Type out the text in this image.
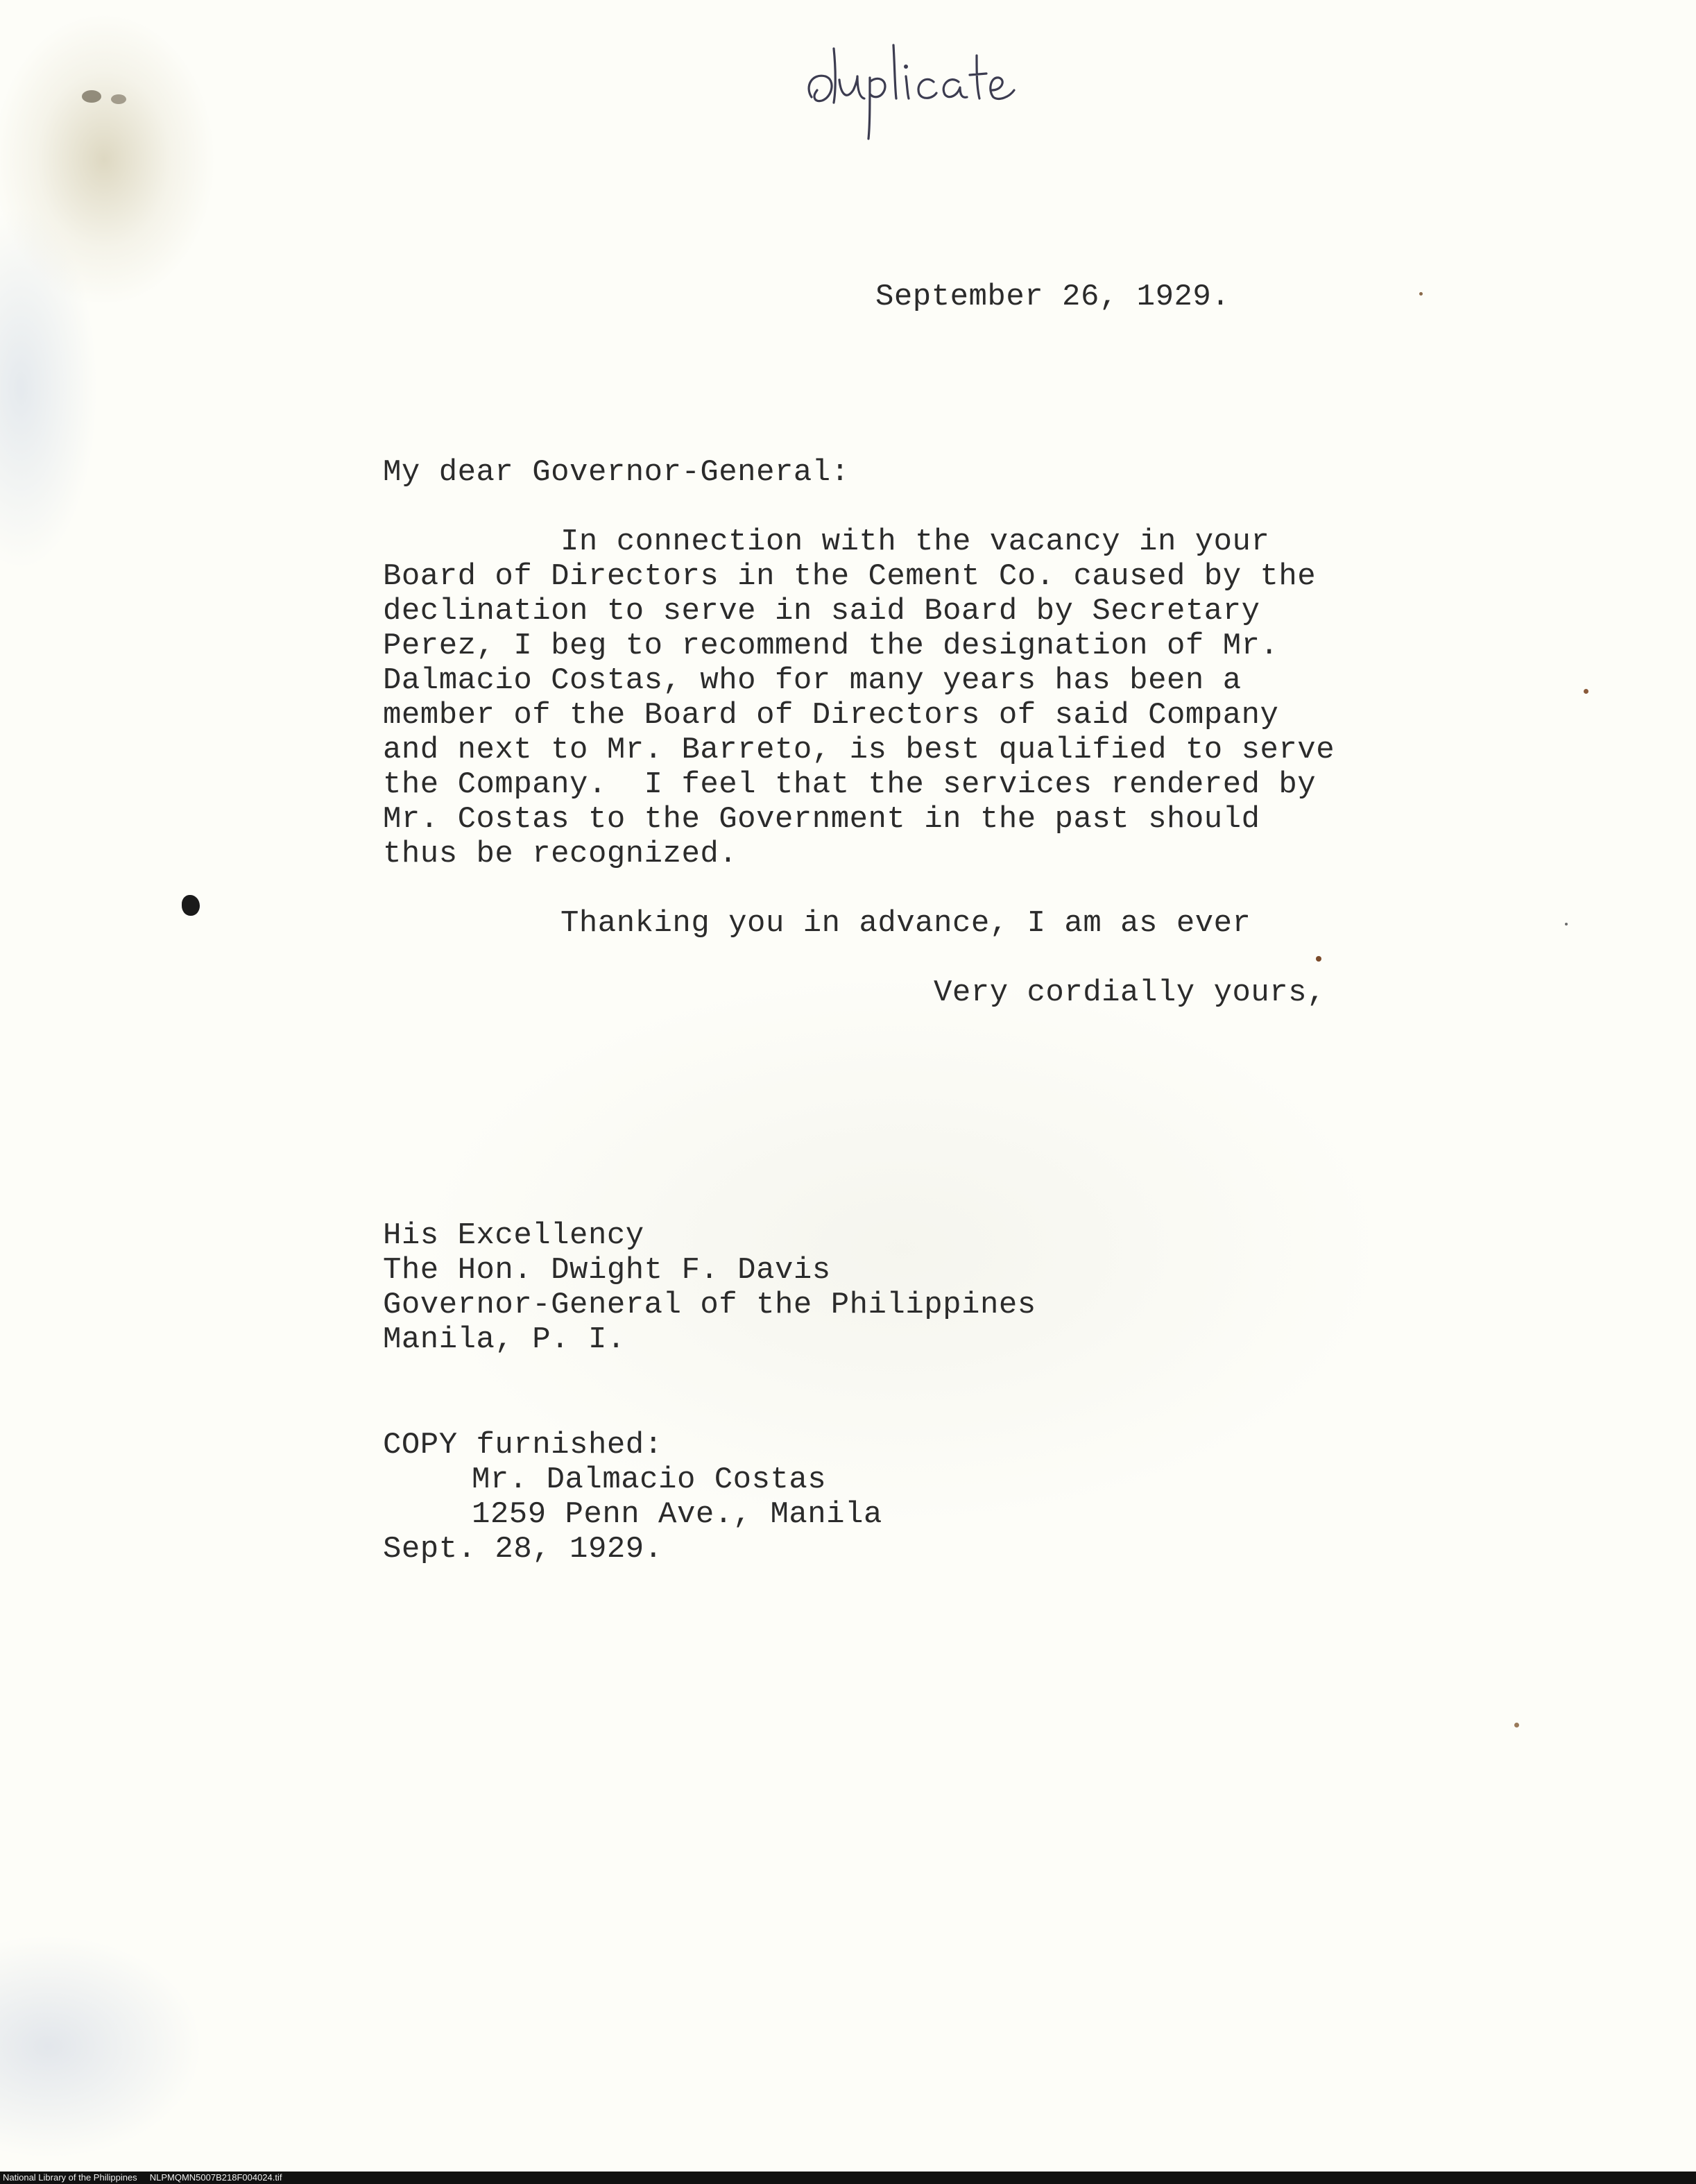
September 26, 1929.
My dear Governor-General:
In connection with the vacancy in your
Board of Directors in the Cement Co. caused by the
declination to serve in said Board by Secretary
Perez, I beg to recommend the designation of Mr.
Dalmacio Costas, who for many years has been a
member of the Board of Directors of said Company
and next to Mr. Barreto, is best qualified to serve
the Company.  I feel that the services rendered by
Mr. Costas to the Government in the past should
thus be recognized.
Thanking you in advance, I am as ever
Very cordially yours,
His Excellency
The Hon. Dwight F. Davis
Governor-General of the Philippines
Manila, P. I.
COPY furnished:
Mr. Dalmacio Costas
1259 Penn Ave., Manila
Sept. 28, 1929.
National Library of the Philippines NLPMQMN5007B218F004024.tif
